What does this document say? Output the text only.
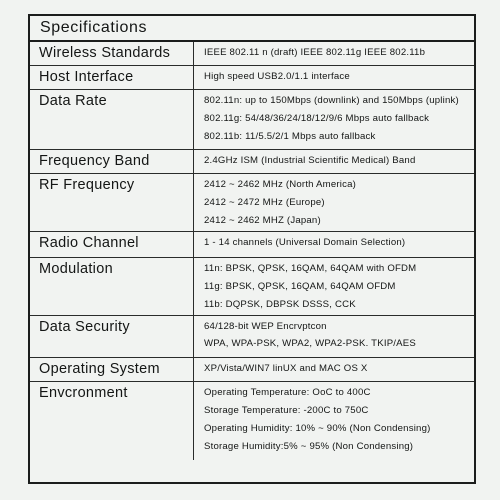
Specifications
Wireless Standards	IEEE 802.11 n (draft) IEEE 802.11g IEEE 802.11b
Host Interface	High speed USB2.0/1.1 interface
Data Rate	802.11n: up to 150Mbps (downlink) and 150Mbps (uplink)
802.11g: 54/48/36/24/18/12/9/6 Mbps auto fallback
802.11b: 11/5.5/2/1 Mbps auto fallback
Frequency Band	2.4GHz ISM (Industrial Scientific Medical) Band
RF Frequency	2412 ~ 2462 MHz (North America)
2412 ~ 2472 MHz (Europe)
2412 ~ 2462 MHZ (Japan)
Radio Channel	1 - 14 channels (Universal Domain Selection)
Modulation	11n: BPSK, QPSK, 16QAM, 64QAM with OFDM
11g: BPSK, QPSK, 16QAM, 64QAM OFDM
11b: DQPSK, DBPSK DSSS, CCK
Data Security	64/128-bit WEP Encrvptcon
WPA, WPA-PSK, WPA2, WPA2-PSK. TKIP/AES
Operating System	XP/Vista/WIN7 linUX and MAC OS X
Envcronment	Operating Temperature: OoC to 400C
Storage Temperature: -200C to 750C
Operating Humidity: 10% ~ 90% (Non Condensing)
Storage Humidity:5% ~ 95% (Non Condensing)
